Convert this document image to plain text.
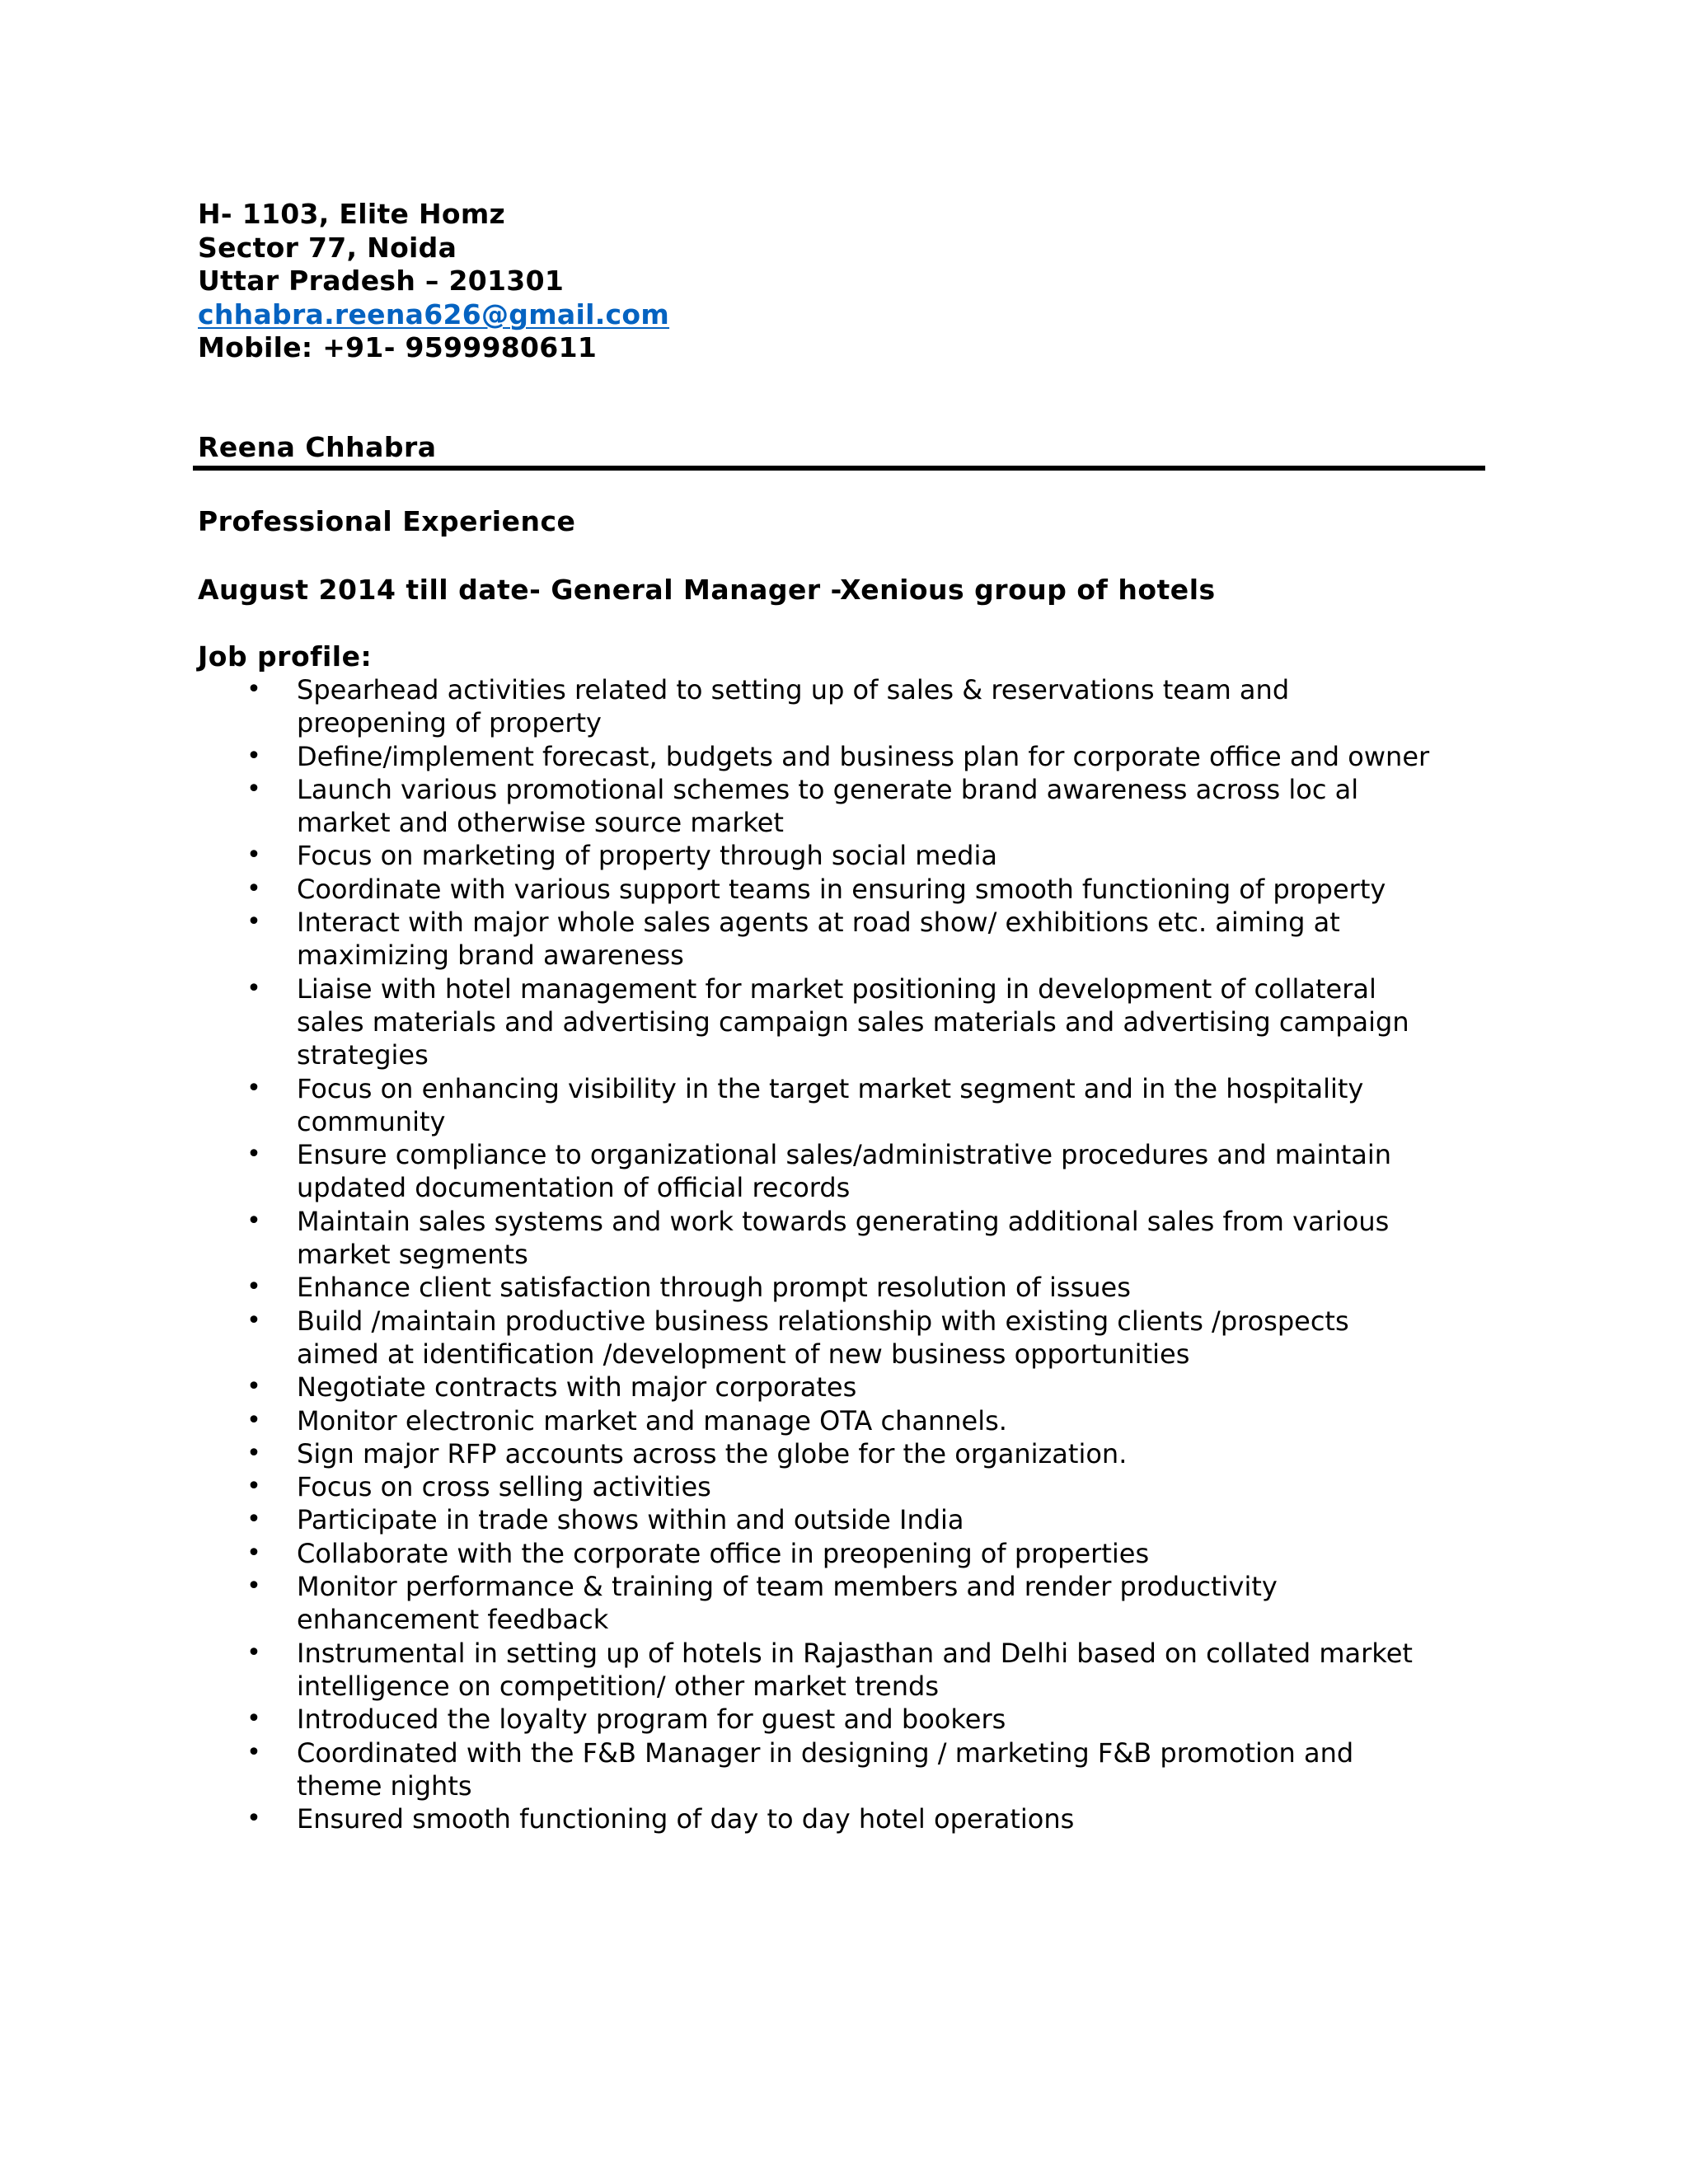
H- 1103, Elite Homz
Sector 77, Noida
Uttar Pradesh – 201301
chhabra.reena626@gmail.com
Mobile: +91- 9599980611
Reena Chhabra
Professional Experience
August 2014 till date- General Manager -Xenious group of hotels
Job profile:
• Spearhead activities related to setting up of sales & reservations team and
preopening of property
• Define/implement forecast, budgets and business plan for corporate office and owner
• Launch various promotional schemes to generate brand awareness across loc al
market and otherwise source market
• Focus on marketing of property through social media
• Coordinate with various support teams in ensuring smooth functioning of property
• Interact with major whole sales agents at road show/ exhibitions etc. aiming at
maximizing brand awareness
• Liaise with hotel management for market positioning in development of collateral
sales materials and advertising campaign sales materials and advertising campaign
strategies
• Focus on enhancing visibility in the target market segment and in the hospitality
community
• Ensure compliance to organizational sales/administrative procedures and maintain
updated documentation of official records
• Maintain sales systems and work towards generating additional sales from various
market segments
• Enhance client satisfaction through prompt resolution of issues
• Build /maintain productive business relationship with existing clients /prospects
aimed at identification /development of new business opportunities
• Negotiate contracts with major corporates
• Monitor electronic market and manage OTA channels.
• Sign major RFP accounts across the globe for the organization.
• Focus on cross selling activities
• Participate in trade shows within and outside India
• Collaborate with the corporate office in preopening of properties
• Monitor performance & training of team members and render productivity
enhancement feedback
• Instrumental in setting up of hotels in Rajasthan and Delhi based on collated market
intelligence on competition/ other market trends
• Introduced the loyalty program for guest and bookers
• Coordinated with the F&B Manager in designing / marketing F&B promotion and
theme nights
• Ensured smooth functioning of day to day hotel operations
